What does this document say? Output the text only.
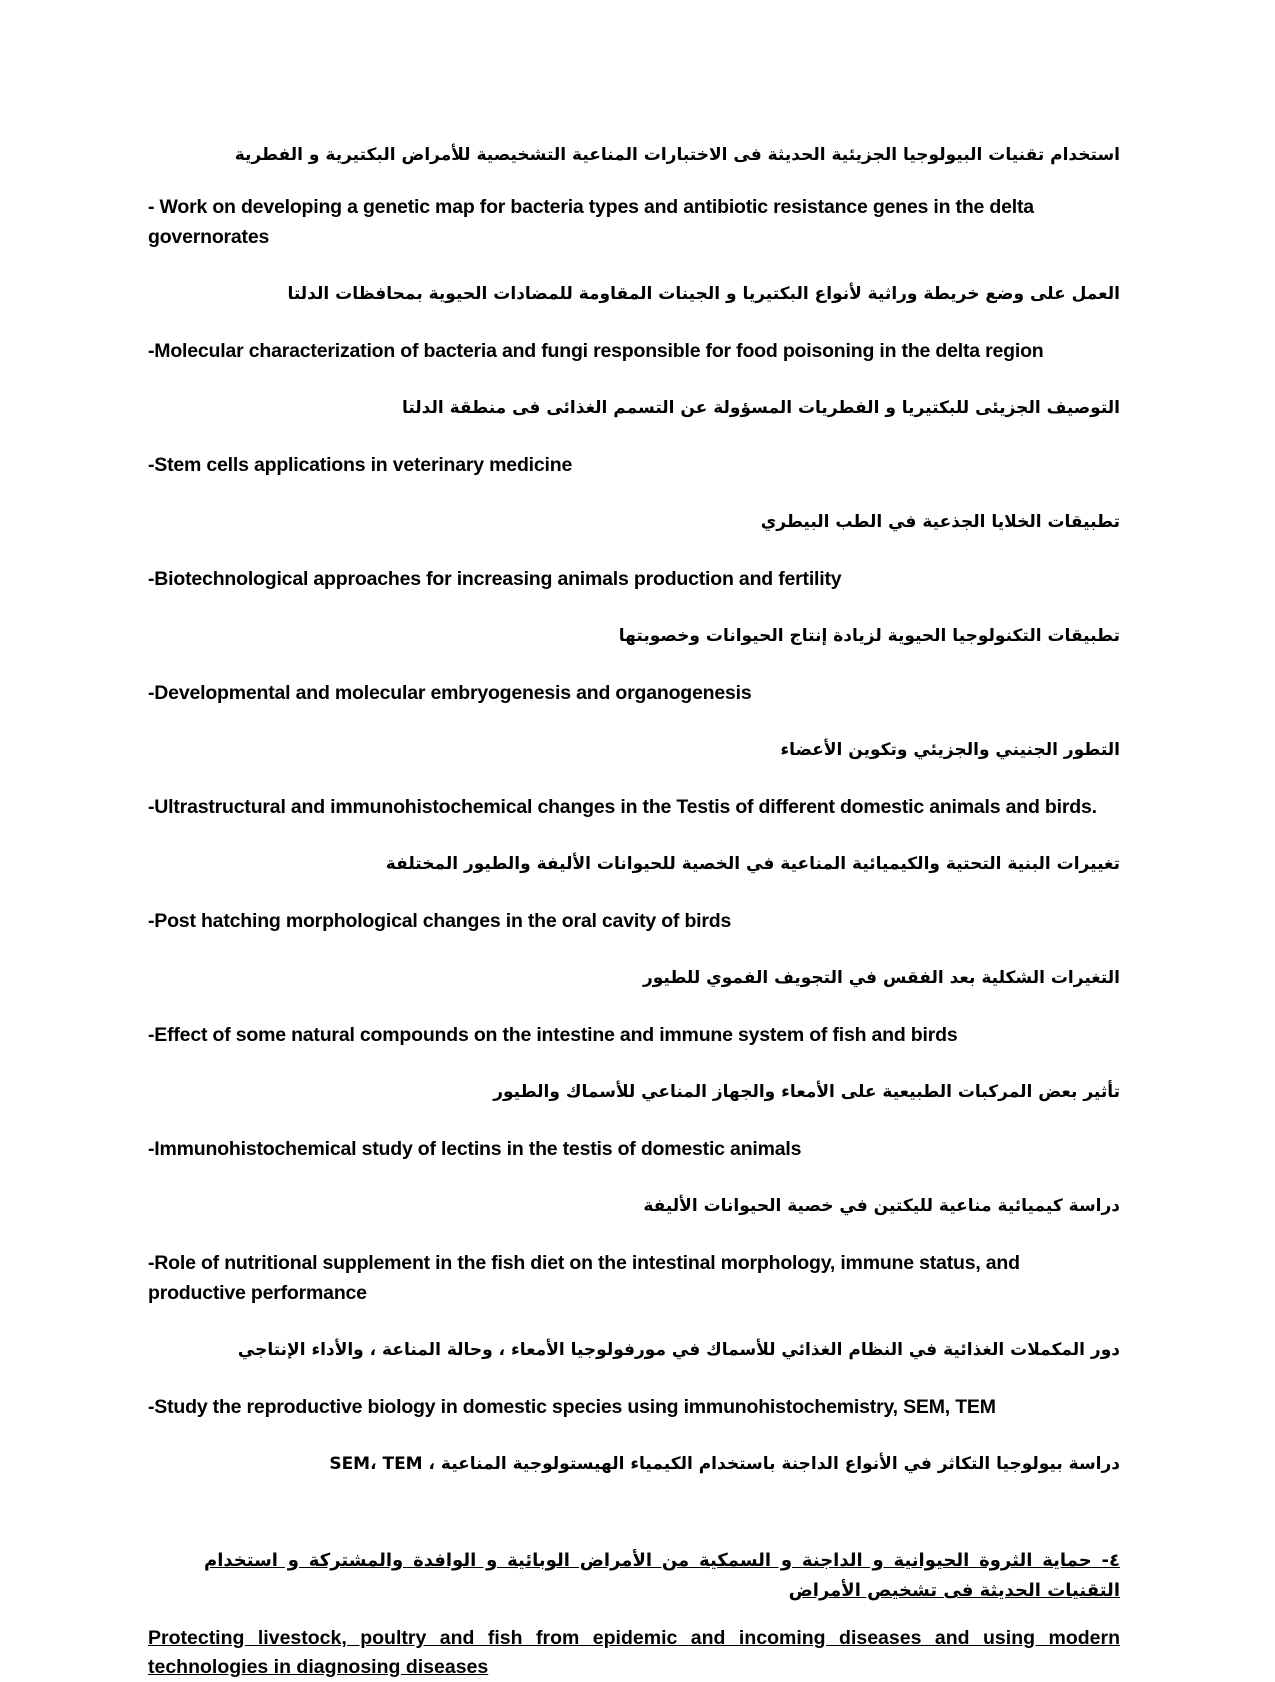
استخدام تقنيات البيولوجيا الجزيئية الحديثة فى الاختبارات المناعية التشخيصية للأمراض البكتيرية و الفطرية

- Work on developing a genetic map for bacteria types and antibiotic resistance genes in the delta governorates

العمل على وضع خريطة وراثية لأنواع البكتيريا و الجينات المقاومة للمضادات الحيوية بمحافظات الدلتا

-Molecular characterization of bacteria and fungi responsible for food poisoning in the delta region

التوصيف الجزيئى للبكتيريا و الفطريات المسؤولة عن التسمم الغذائى فى منطقة الدلتا

-Stem cells applications in veterinary medicine

تطبيقات الخلايا الجذعية في الطب البيطري

-Biotechnological approaches for increasing animals production and fertility

تطبيقات التكنولوجيا الحيوية لزيادة إنتاج الحيوانات وخصوبتها

-Developmental and molecular embryogenesis and organogenesis

التطور الجنيني والجزيئي وتكوين الأعضاء

-Ultrastructural and immunohistochemical changes in the Testis of different domestic animals and birds.

تغييرات البنية التحتية والكيميائية المناعية في الخصية للحيوانات الأليفة والطيور المختلفة

-Post hatching morphological changes in the oral cavity of birds

التغيرات الشكلية بعد الفقس في التجويف الفموي للطيور

-Effect of some natural compounds on the intestine and immune system of fish and birds

تأثير بعض المركبات الطبيعية على الأمعاء والجهاز المناعي للأسماك والطيور

-Immunohistochemical study of lectins in the testis of domestic animals

دراسة كيميائية مناعية لليكتين في خصية الحيوانات الأليفة

-Role of nutritional supplement in the fish diet on the intestinal morphology, immune status, and productive performance

دور المكملات الغذائية في النظام الغذائي للأسماك في مورفولوجيا الأمعاء ، وحالة المناعة ، والأداء الإنتاجي

-Study the reproductive biology in domestic species using immunohistochemistry, SEM, TEM

دراسة بيولوجيا التكاثر في الأنواع الداجنة باستخدام الكيمياء الهيستولوجية المناعية ، SEM، TEM

٤- حماية الثروة الحيوانية و الداجنة و السمكية من الأمراض الوبائية و الوافدة والمشتركة و استخدام التقنيات الحديثة فى تشخيص الأمراض

Protecting livestock, poultry and fish from epidemic and incoming diseases and using modern technologies in diagnosing diseases
